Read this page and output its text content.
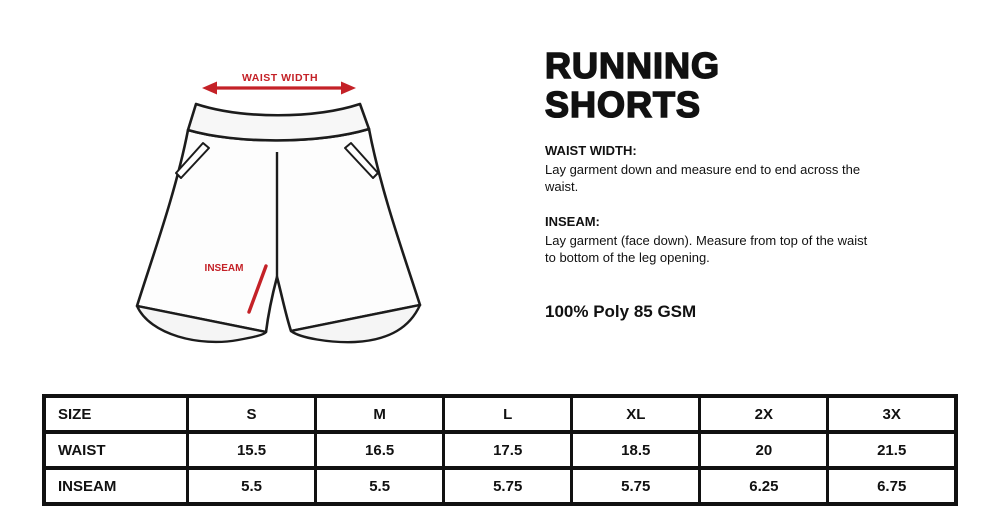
WAIST WIDTH
INSEAM
RUNNING
SHORTS
WAIST WIDTH:
Lay garment down and measure end to end across the waist.
INSEAM:
Lay garment (face down). Measure from top of the waist to bottom of the leg opening.
100% Poly 85 GSM
SIZE	S	M	L	XL	2X	3X
WAIST	15.5	16.5	17.5	18.5	20	21.5
INSEAM	5.5	5.5	5.75	5.75	6.25	6.75
